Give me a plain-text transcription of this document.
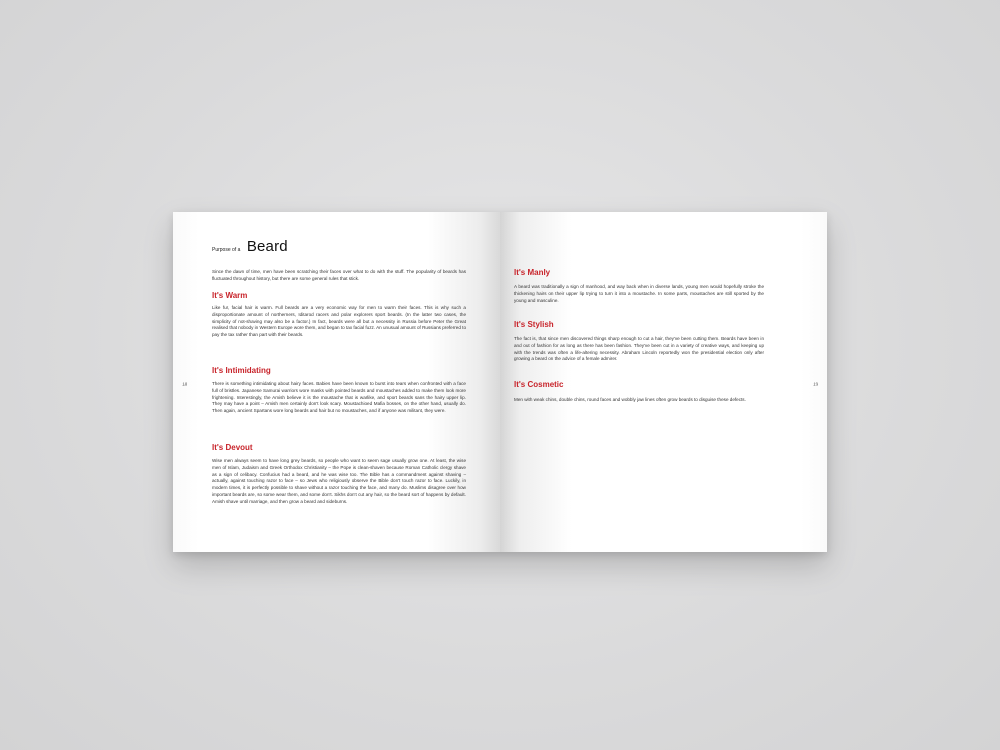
18
Purpose of a Beard

Since the dawn of time, men have been scratching their faces over what to do with the stuff. The popularity of beards has fluctuated throughout history, but there are some general rules that stick.

It's Warm

Like fur, facial hair is warm. Full beards are a very economic way for men to warm their faces. This is why such a disproportionate amount of northerners, Iditarod racers and polar explorers sport beards. (In the latter two cases, the simplicity of not-shaving may also be a factor.) In fact, beards were all but a necessity in Russia before Peter the Great realised that nobody in Western Europe wore them, and began to tax facial fuzz. An unusual amount of Russians preferred to pay the tax rather than part with their beards.

It's Intimidating

There is something intimidating about hairy faces. Babies have been known to burst into tears when confronted with a face full of bristles. Japanese Samurai warriors wore masks with pointed beards and moustaches added to make them look more frightening. Interestingly, the Amish believe it is the moustache that is warlike, and sport beards sans the hairy upper lip. They may have a point – Amish men certainly don't look scary. Moustachioed Mafia bosses, on the other hand, usually do. Then again, ancient Spartans wore long beards and hair but no moustaches, and if anyone was militant, they were.

It's Devout

Wise men always seem to have long grey beards, so people who want to seem sage usually grow one. At least, the wise men of Islam, Judaism and Greek Orthodox Christianity – the Pope is clean-shaven because Roman Catholic clergy shave as a sign of celibacy. Confucius had a beard, and he was wise too. The Bible has a commandment against shaving – actually, against touching razor to face – so Jews who religiously observe the Bible don't touch razor to face. Luckily, in modern times, it is perfectly possible to shave without a razor touching the face, and many do. Muslims disagree over how important beards are, so some wear them, and some don't. Sikhs don't cut any hair, so the beard sort of happens by default. Amish shave until marriage, and then grow a beard and sideburns.

19
It's Manly

A beard was traditionally a sign of manhood, and way back when in diverse lands, young men would hopefully stroke the thickening hairs on their upper lip trying to turn it into a moustache. In some parts, moustaches are still sported by the young and masculine.

It's Stylish

The fact is, that since men discovered things sharp enough to cut a hair, they've been cutting them. Beards have been in and out of fashion for as long as there has been fashion. They've been cut in a variety of creative ways, and keeping up with the trends was often a life-altering necessity. Abraham Lincoln reportedly won the presidential election only after growing a beard on the advice of a female admirer.

It's Cosmetic

Men with weak chins, double chins, round faces and wobbly jaw lines often grow beards to disguise these defects.
